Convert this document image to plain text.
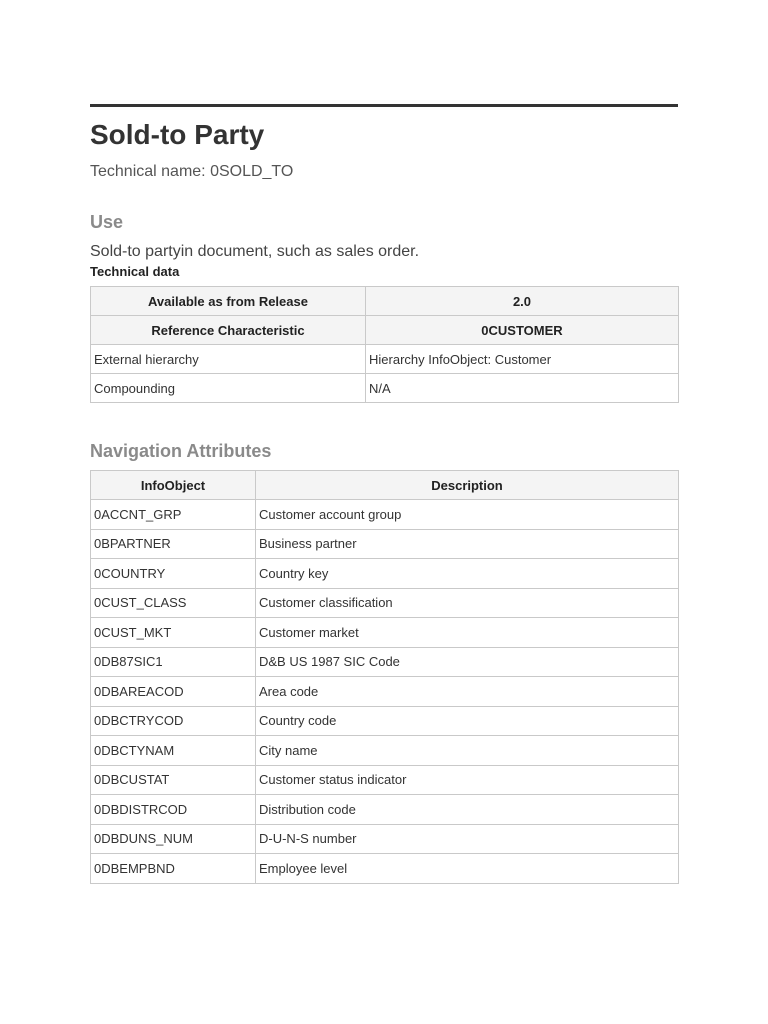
Sold-to Party
Technical name: 0SOLD_TO
Use
Sold-to partyin document, such as sales order.
Technical data
Available as from Release	2.0
Reference Characteristic	0CUSTOMER
External hierarchy	Hierarchy InfoObject: Customer
Compounding	N/A
Navigation Attributes
InfoObject	Description
0ACCNT_GRP	Customer account group
0BPARTNER	Business partner
0COUNTRY	Country key
0CUST_CLASS	Customer classification
0CUST_MKT	Customer market
0DB87SIC1	D&B US 1987 SIC Code
0DBAREACOD	Area code
0DBCTRYCOD	Country code
0DBCTYNAM	City name
0DBCUSTAT	Customer status indicator
0DBDISTRCOD	Distribution code
0DBDUNS_NUM	D-U-N-S number
0DBEMPBND	Employee level
